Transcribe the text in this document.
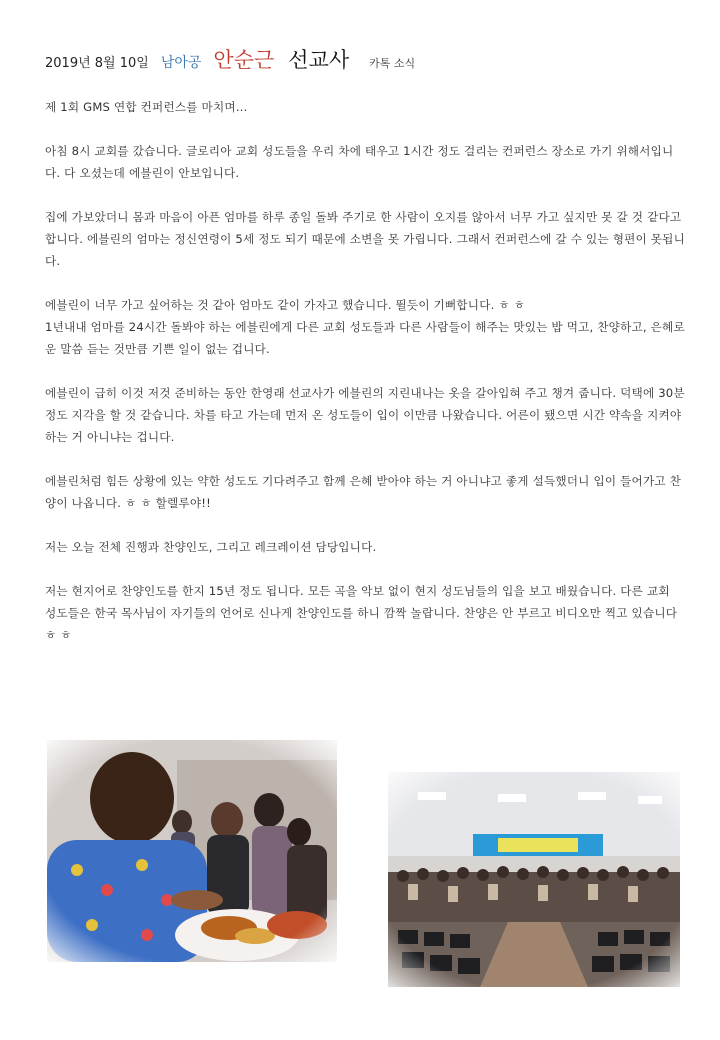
2019년 8월 10일 남아공 안순근 선교사 카톡 소식

제 1회 GMS 연합 컨퍼런스를 마치며…

아침 8시 교회를 갔습니다. 글로리아 교회 성도들을 우리 차에 태우고 1시간 정도 걸리는 컨퍼런스 장소로 가기 위해서입니다. 다 오셨는데 에블린이 안보입니다.

집에 가보았더니 몸과 마음이 아픈 엄마를 하루 종일 돌봐 주기로 한 사람이 오지를 않아서 너무 가고 싶지만 못 갈 것 같다고 합니다. 에블린의 엄마는 정신연령이 5세 정도 되기 때문에 소변을 못 가립니다. 그래서 컨퍼런스에 갈 수 있는 형편이 못됩니다.

에블린이 너무 가고 싶어하는 것 같아 엄마도 같이 가자고 했습니다. 뛸듯이 기뻐합니다. ㅎ ㅎ

1년내내 엄마를 24시간 돌봐야 하는 에블린에게 다른 교회 성도들과 다른 사람들이 해주는 맛있는 밥 먹고, 찬양하고, 은혜로운 말씀 듣는 것만큼 기쁜 일이 없는 겁니다.

에블린이 급히 이것 저것 준비하는 동안 한영래 선교사가 에블린의 지린내나는 옷을 갈아입혀 주고 챙겨 줍니다. 덕택에 30분 정도 지각을 할 것 같습니다. 차를 타고 가는데 먼저 온 성도들이 입이 이만큼 나왔습니다. 어른이 됐으면 시간 약속을 지켜야 하는 거 아니냐는 겁니다.

에블린처럼 힘든 상황에 있는 약한 성도도 기다려주고 함께 은혜 받아야 하는 거 아니냐고 좋게 설득했더니 입이 들어가고 찬양이 나옵니다. ㅎ ㅎ 할렐루야!!

저는 오늘 전체 진행과 찬양인도, 그리고 레크레이션 담당입니다.

저는 현지어로 찬양인도를 한지 15년 정도 됩니다. 모든 곡을 악보 없이 현지 성도님들의 입을 보고 배웠습니다. 다른 교회 성도들은 한국 목사님이 자기들의 언어로 신나게 찬양인도를 하니 깜짝 놀랍니다. 찬양은 안 부르고 비디오만 찍고 있습니다 ㅎ ㅎ
